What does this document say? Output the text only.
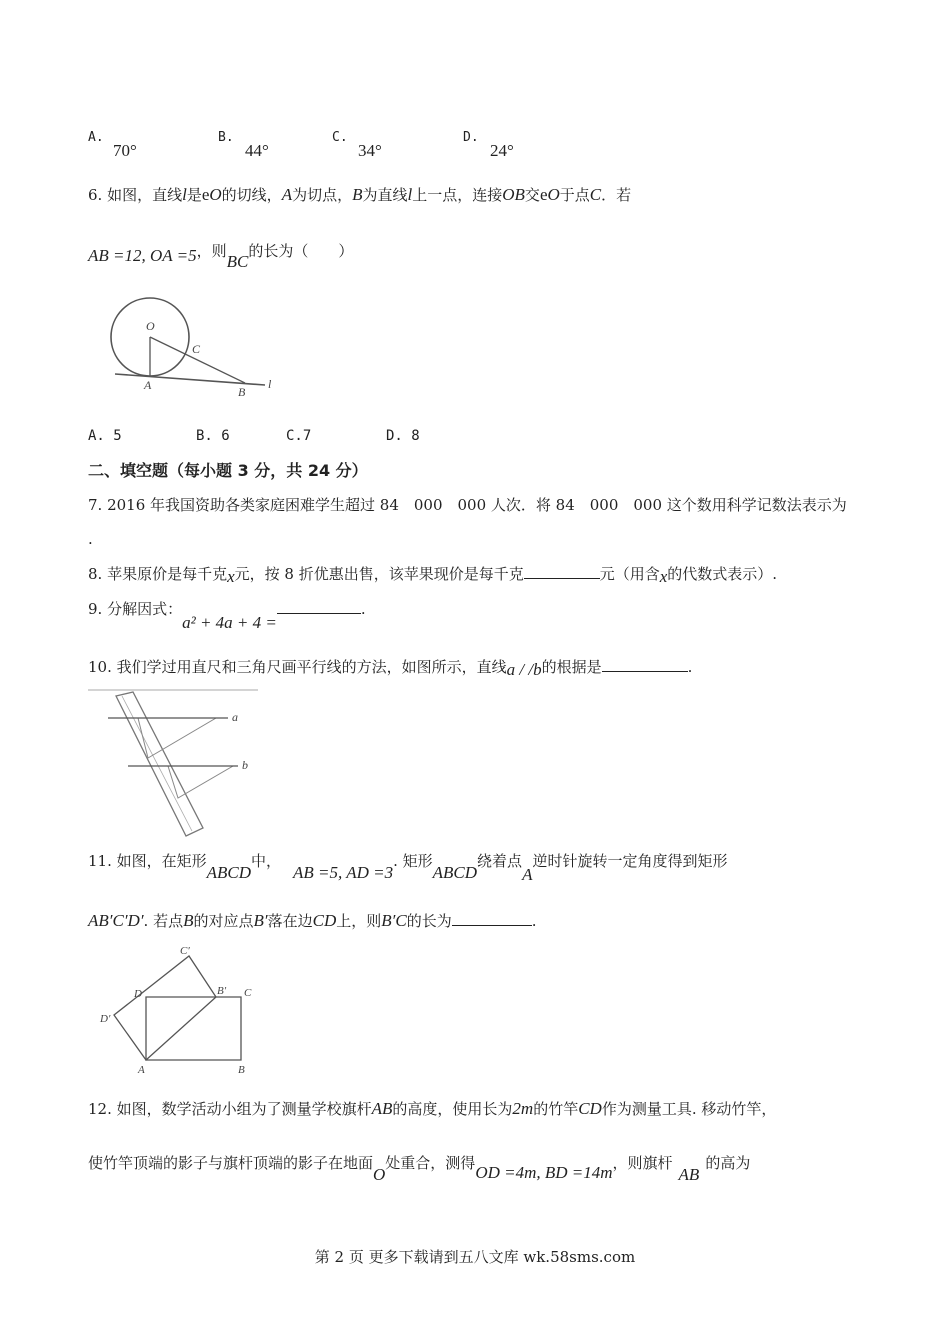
A.
70°
B.
44°
C.
34°
D.
24°
6. 如图，直线l是eO的切线，A为切点，B为直线l上一点，连接OB交eO于点C．若
AB =12, OA =5，则BC的长为（　　）
O
C
A	B
l
A. 5	B. 6	C.7	D. 8
二、填空题（每小题 3 分，共 24 分）
7. 2016 年我国资助各类家庭困难学生超过 84　000　000 人次．将 84　000　000 这个数用科学记数法表示为
.
8. 苹果原价是每千克x元，按 8 折优惠出售，该苹果现价是每千克	元（用含x的代数式表示）.
9. 分解因式：a² + 4a + 4 =.
10. 我们学过用直尺和三角尺画平行线的方法，如图所示，直线a / /b的根据是	.
a
b
11. 如图，在矩形ABCD中，AB =5, AD =3. 矩形ABCD绕着点A逆时针旋转一定角度得到矩形
AB′C′D′. 若点B的对应点B′落在边CD上，则B′C的长为	.
C′
D	B′ C
D′
A	B
12. 如图，数学活动小组为了测量学校旗杆AB的高度，使用长为2m的竹竿CD作为测量工具. 移动竹竿，
使竹竿顶端的影子与旗杆顶端的影子在地面O处重合，测得OD =4m, BD =14m，则旗杆AB的高为
第 2 页 更多下载请到五八文库 wk.58sms.com
